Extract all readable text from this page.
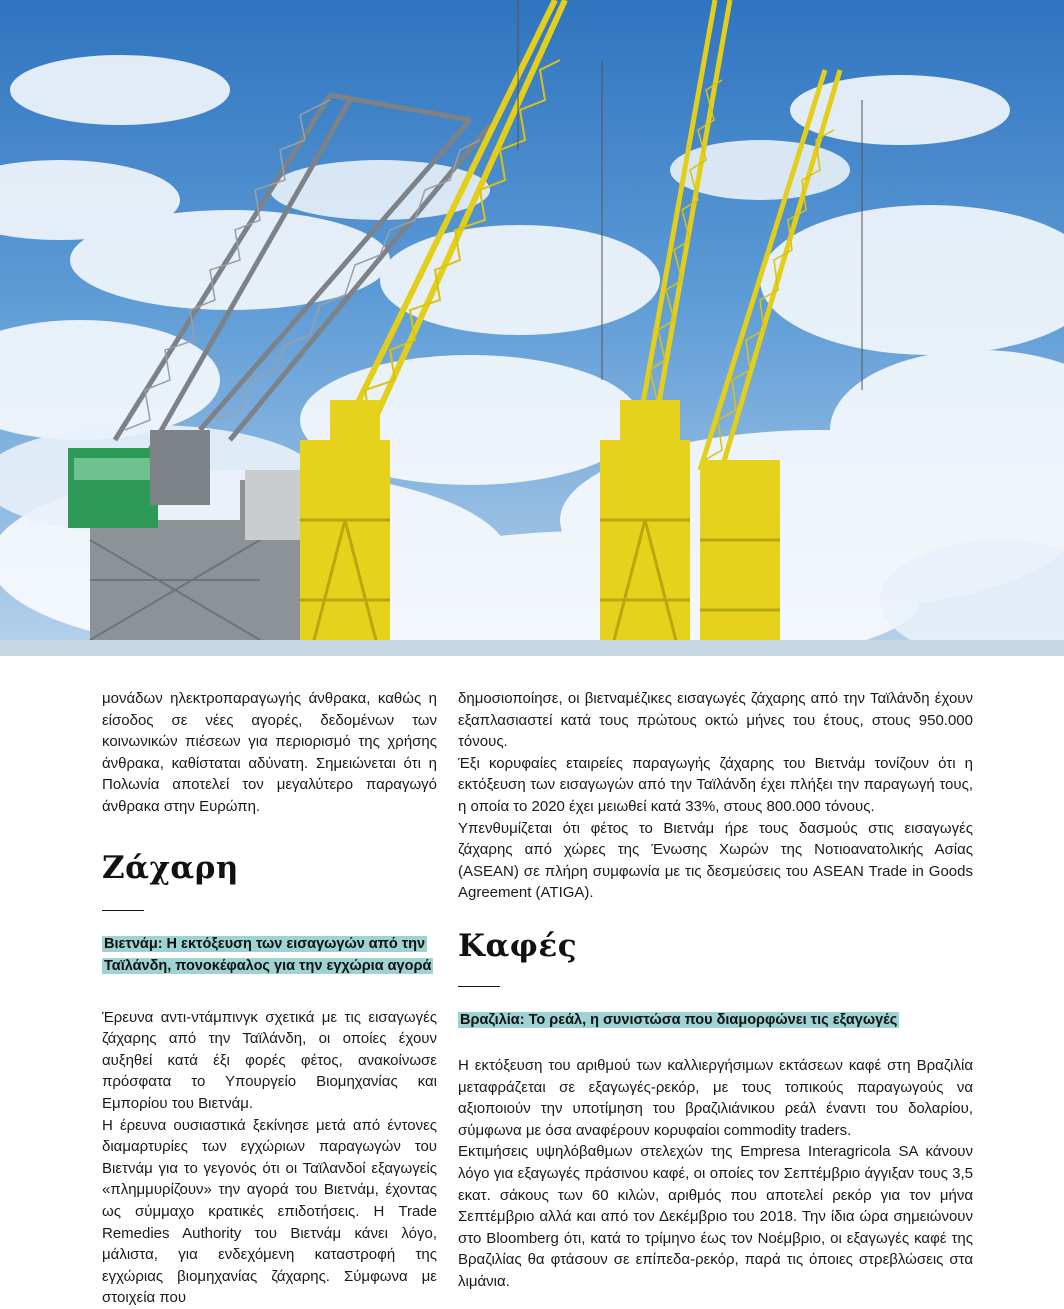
μονάδων ηλεκτροπαραγωγής άνθρακα, καθώς η είσοδος σε νέες αγορές, δεδομένων των κοινωνικών πιέσεων για περιορισμό της χρήσης άνθρακα, καθίσταται αδύνατη. Σημειώνεται ότι η Πολωνία αποτελεί τον μεγαλύτερο παραγωγό άνθρακα στην Ευρώπη.

Ζάχαρη

Βιετνάμ: Η εκτόξευση των εισαγωγών από την Ταϊλάνδη, πονοκέφαλος για την εγχώρια αγορά

Έρευνα αντι-ντάμπινγκ σχετικά με τις εισαγωγές ζάχαρης από την Ταϊλάνδη, οι οποίες έχουν αυξηθεί κατά έξι φορές φέτος, ανακοίνωσε πρόσφατα το Υπουργείο Βιομηχανίας και Εμπορίου του Βιετνάμ.

Η έρευνα ουσιαστικά ξεκίνησε μετά από έντονες διαμαρτυρίες των εγχώριων παραγωγών του Βιετνάμ για το γεγονός ότι οι Ταϊλανδοί εξαγωγείς «πλημμυρίζουν» την αγορά του Βιετνάμ, έχοντας ως σύμμαχο κρατικές επιδοτήσεις. Η Trade Remedies Authority του Βιετνάμ κάνει λόγο, μάλιστα, για ενδεχόμενη καταστροφή της εγχώριας βιομηχανίας ζάχαρης. Σύμφωνα με στοιχεία που

δημοσιοποίησε, οι βιετναμέζικες εισαγωγές ζάχαρης από την Ταϊλάνδη έχουν εξαπλασιαστεί κατά τους πρώτους οκτώ μήνες του έτους, στους 950.000 τόνους.

Έξι κορυφαίες εταιρείες παραγωγής ζάχαρης του Βιετνάμ τονίζουν ότι η εκτόξευση των εισαγωγών από την Ταϊλάνδη έχει πλήξει την παραγωγή τους, η οποία το 2020 έχει μειωθεί κατά 33%, στους 800.000 τόνους.

Υπενθυμίζεται ότι φέτος το Βιετνάμ ήρε τους δασμούς στις εισαγωγές ζάχαρης από χώρες της Ένωσης Χωρών της Νοτιοανατολικής Ασίας (ASEAN) σε πλήρη συμφωνία με τις δεσμεύσεις του ASEAN Trade in Goods Agreement (ATIGA).

Καφές

Βραζιλία: Το ρεάλ, η συνιστώσα που διαμορφώνει τις εξαγωγές

Η εκτόξευση του αριθμού των καλλιεργήσιμων εκτάσεων καφέ στη Βραζιλία μεταφράζεται σε εξαγωγές-ρεκόρ, με τους τοπικούς παραγωγούς να αξιοποιούν την υποτίμηση του βραζιλιάνικου ρεάλ έναντι του δολαρίου, σύμφωνα με όσα αναφέρουν κορυφαίοι commodity traders.

Εκτιμήσεις υψηλόβαθμων στελεχών της Empresa Interagricola SA κάνουν λόγο για εξαγωγές πράσινου καφέ, οι οποίες τον Σεπτέμβριο άγγιξαν τους 3,5 εκατ. σάκους των 60 κιλών, αριθμός που αποτελεί ρεκόρ για τον μήνα Σεπτέμβριο αλλά και από τον Δεκέμβριο του 2018. Την ίδια ώρα σημειώνουν στο Bloomberg ότι, κατά το τρίμηνο έως τον Νοέμβριο, οι εξαγωγές καφέ της Βραζιλίας θα φτάσουν σε επίπεδα-ρεκόρ, παρά τις όποιες στρεβλώσεις στα λιμάνια.
